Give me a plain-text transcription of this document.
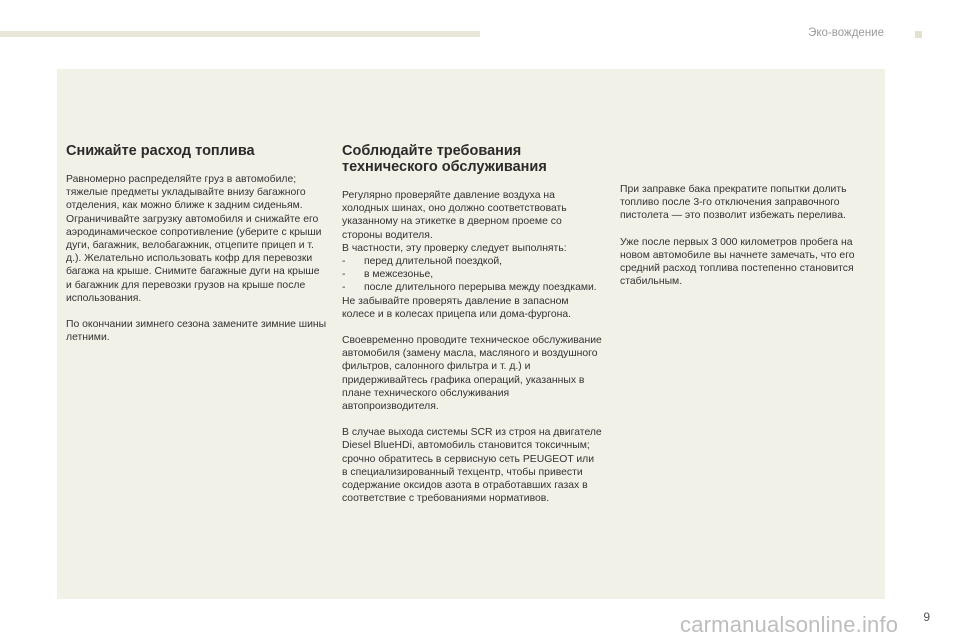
Эко-вождение
Снижайте расход топлива

Равномерно распределяйте груз в автомобиле; тяжелые предметы укладывайте внизу багажного отделения, как можно ближе к задним сиденьям. Ограничивайте загрузку автомобиля и снижайте его аэродинамическое сопротивление (уберите с крыши дуги, багажник, велобагажник, отцепите прицеп и т. д.). Желательно использовать кофр для перевозки багажа на крыше. Снимите багажные дуги на крыше и багажник для перевозки грузов на крыше после использования.

По окончании зимнего сезона замените зимние шины летними.

Соблюдайте требования технического обслуживания

Регулярно проверяйте давление воздуха на холодных шинах, оно должно соответствовать указанному на этикетке в дверном проеме со стороны водителя.

В частности, эту проверку следует выполнять:

- перед длительной поездкой,
- в межсезонье,
- после длительного перерыва между поездками.

Не забывайте проверять давление в запасном колесе и в колесах прицепа или дома-фургона.

Своевременно проводите техническое обслуживание автомобиля (замену масла, масляного и воздушного фильтров, салонного фильтра и т. д.) и придерживайтесь графика операций, указанных в плане технического обслуживания автопроизводителя.

В случае выхода системы SCR из строя на двигателе Diesel BlueHDi, автомобиль становится токсичным; срочно обратитесь в сервисную сеть PEUGEOT или в специализированный техцентр, чтобы привести содержание оксидов азота в отработавших газах в соответствие с требованиями нормативов.

При заправке бака прекратите попытки долить топливо после 3-го отключения заправочного пистолета — это позволит избежать перелива.

Уже после первых 3 000 километров пробега на новом автомобиле вы начнете замечать, что его средний расход топлива постепенно становится стабильным.

carmanualsonline.info 9
